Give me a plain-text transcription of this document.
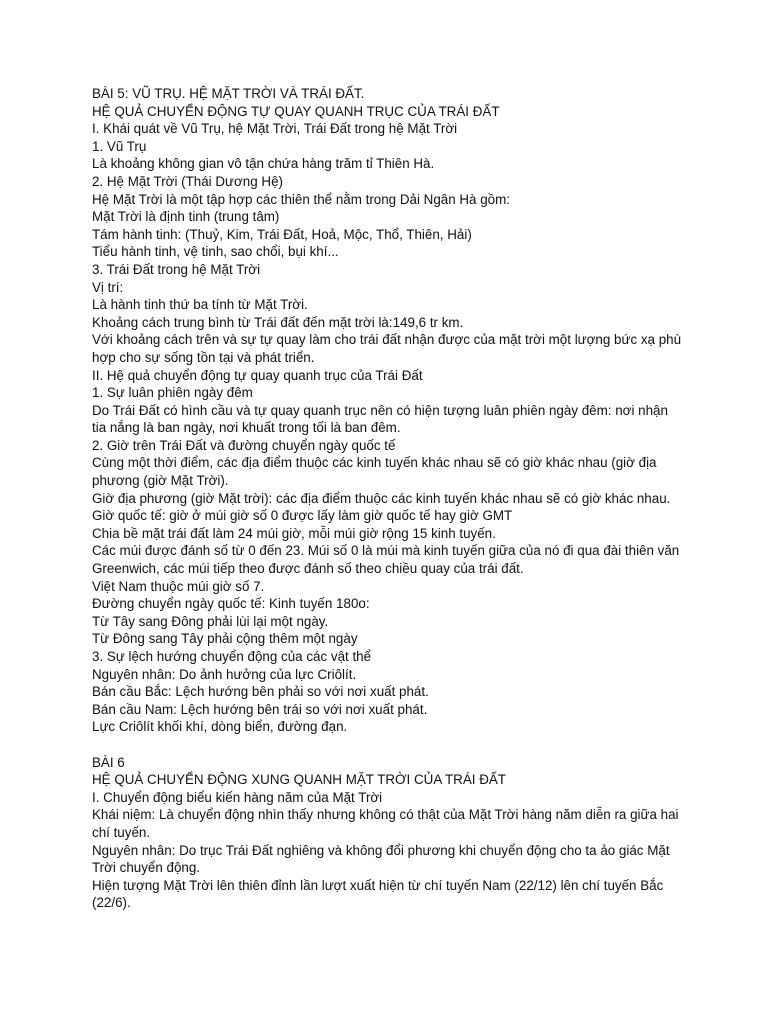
BÀI 5: VŨ TRỤ. HỆ MẶT TRỜI VÀ TRÁI ĐẤT.

HỆ QUẢ CHUYỂN ĐỘNG TỰ QUAY QUANH TRỤC CỦA TRÁI ĐẤT

I. Khái quát về Vũ Trụ, hệ Mặt Trời, Trái Đất trong hệ Mặt Trời

1. Vũ Trụ

Là khoảng không gian vô tận chứa hàng trăm tỉ Thiên Hà.

2. Hệ Mặt Trời (Thái Dương Hệ)

Hệ Mặt Trời là một tập hợp các thiên thể nằm trong Dải Ngân Hà gồm:

Mặt Trời là định tinh (trung tâm)

Tám hành tinh: (Thuỷ, Kim, Trái Đất, Hoả, Mộc, Thổ, Thiên, Hải)

Tiểu hành tinh, vệ tinh, sao chổi, bụi khí...

3. Trái Đất trong hệ Mặt Trời

Vị trí:

Là hành tinh thứ ba tính từ Mặt Trời.

Khoảng cách trung bình từ Trái đất đến mặt trời là:149,6 tr km.

Với khoảng cách trên và sự tự quay làm cho trái đất nhận được của mặt trời một lượng bức xạ phù hợp cho sự sống tồn tại và phát triển.

II. Hệ quả chuyển động tự quay quanh trục của Trái Đất

1. Sự luân phiên ngày đêm

Do Trái Đất có hình cầu và tự quay quanh trục nên có hiện tượng luân phiên ngày đêm: nơi nhận tia nắng là ban ngày, nơi khuất trong tối là ban đêm.

2. Giờ trên Trái Đất và đường chuyển ngày quốc tế

Cùng một thời điểm, các địa điểm thuộc các kinh tuyến khác nhau sẽ có giờ khác nhau (giờ địa phương (giờ Mặt Trời).

Giờ địa phương (giờ Mặt trời): các địa điểm thuộc các kinh tuyến khác nhau sẽ có giờ khác nhau.

Giờ quốc tế: giờ ở múi giờ số 0 được lấy làm giờ quốc tế hay giờ GMT

Chia bề mặt trái đất làm 24 múi giờ, mỗi múi giờ rộng 15 kinh tuyến.

Các múi được đánh số từ 0 đến 23. Múi số 0 là múi mà kinh tuyến giữa của nó đi qua đài thiên văn Greenwich, các múi tiếp theo được đánh số theo chiều quay của trái đất.

Việt Nam thuộc múi giờ số 7.

Đường chuyển ngày quốc tế: Kinh tuyến 180o:

Từ Tây sang Đông phải lùi lại một ngày.

Từ Đông sang Tây phải cộng thêm một ngày

3. Sự lệch hướng chuyển động của các vật thể

Nguyên nhân: Do ảnh hưởng của lực Criôlít.

Bán cầu Bắc: Lệch hướng bên phải so với nơi xuất phát.

Bán cầu Nam: Lệch hướng bên trái so với nơi xuất phát.

Lực Criôlít khối khí, dòng biển, đường đạn.

BÀI 6

HỆ QUẢ CHUYỂN ĐỘNG XUNG QUANH MẶT TRỜI CỦA TRÁI ĐẤT

I. Chuyển động biểu kiến hàng năm của Mặt Trời

Khái niệm: Là chuyển động nhìn thấy nhưng không có thật của Mặt Trời hàng năm diễn ra giữa hai chí tuyến.

Nguyên nhân: Do trục Trái Đất nghiêng và không đổi phương khi chuyển động cho ta ảo giác Mặt Trời chuyển động.

Hiện tượng Mặt Trời lên thiên đỉnh lần lượt xuất hiện từ chí tuyến Nam (22/12) lên chí tuyến Bắc (22/6).
